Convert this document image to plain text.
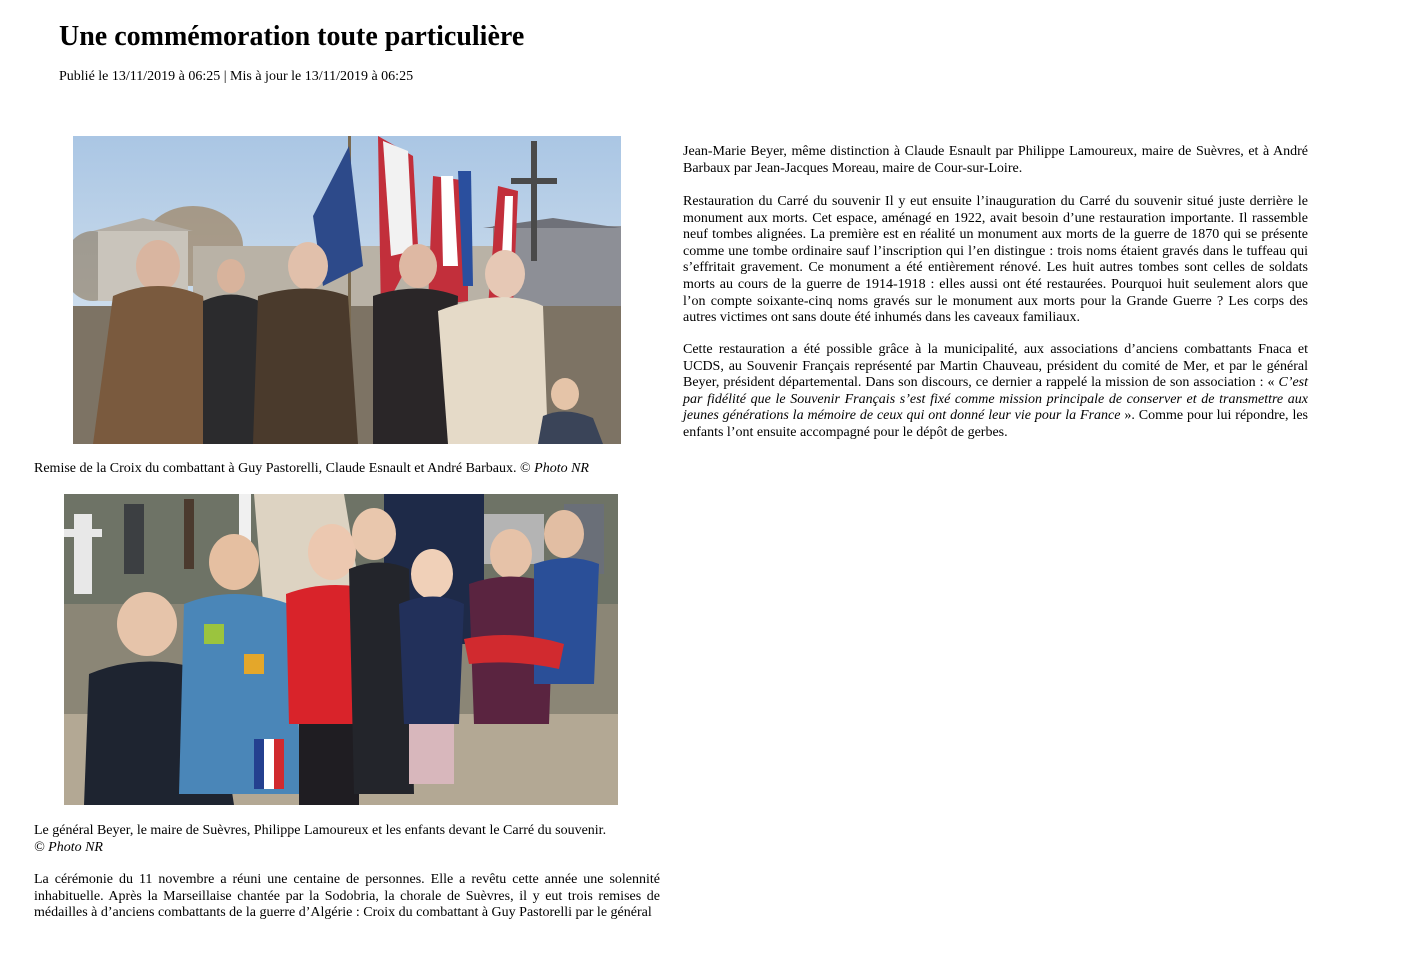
Une commémoration toute particulière
Publié le 13/11/2019 à 06:25 | Mis à jour le 13/11/2019 à 06:25
Remise de la Croix du combattant à Guy Pastorelli, Claude Esnault et André Barbaux. © Photo NR
Le général Beyer, le maire de Suèvres, Philippe Lamoureux et les enfants devant le Carré du souvenir.
© Photo NR

La cérémonie du 11 novembre a réuni une centaine de personnes. Elle a revêtu cette année une solennité inhabituelle. Après la Marseillaise chantée par la Sodobria, la chorale de Suèvres, il y eut trois remises de médailles à d’anciens combattants de la guerre d’Algérie : Croix du combattant à Guy Pastorelli par le général

Jean-Marie Beyer, même distinction à Claude Esnault par Philippe Lamoureux, maire de Suèvres, et à André Barbaux par Jean-Jacques Moreau, maire de Cour-sur-Loire.

Restauration du Carré du souvenir Il y eut ensuite l’inauguration du Carré du souvenir situé juste derrière le monument aux morts. Cet espace, aménagé en 1922, avait besoin d’une restauration importante. Il rassemble neuf tombes alignées. La première est en réalité un monument aux morts de la guerre de 1870 qui se présente comme une tombe ordinaire sauf l’inscription qui l’en distingue : trois noms étaient gravés dans le tuffeau qui s’effritait gravement. Ce monument a été entièrement rénové. Les huit autres tombes sont celles de soldats morts au cours de la guerre de 1914-1918 : elles aussi ont été restaurées. Pourquoi huit seulement alors que l’on compte soixante-cinq noms gravés sur le monument aux morts pour la Grande Guerre ? Les corps des autres victimes ont sans doute été inhumés dans les caveaux familiaux.

Cette restauration a été possible grâce à la municipalité, aux associations d’anciens combattants Fnaca et UCDS, au Souvenir Français représenté par Martin Chauveau, président du comité de Mer, et par le général Beyer, président départemental. Dans son discours, ce dernier a rappelé la mission de son association : « C’est par fidélité que le Souvenir Français s’est fixé comme mission principale de conserver et de transmettre aux jeunes générations la mémoire de ceux qui ont donné leur vie pour la France ». Comme pour lui répondre, les enfants l’ont ensuite accompagné pour le dépôt de gerbes.
